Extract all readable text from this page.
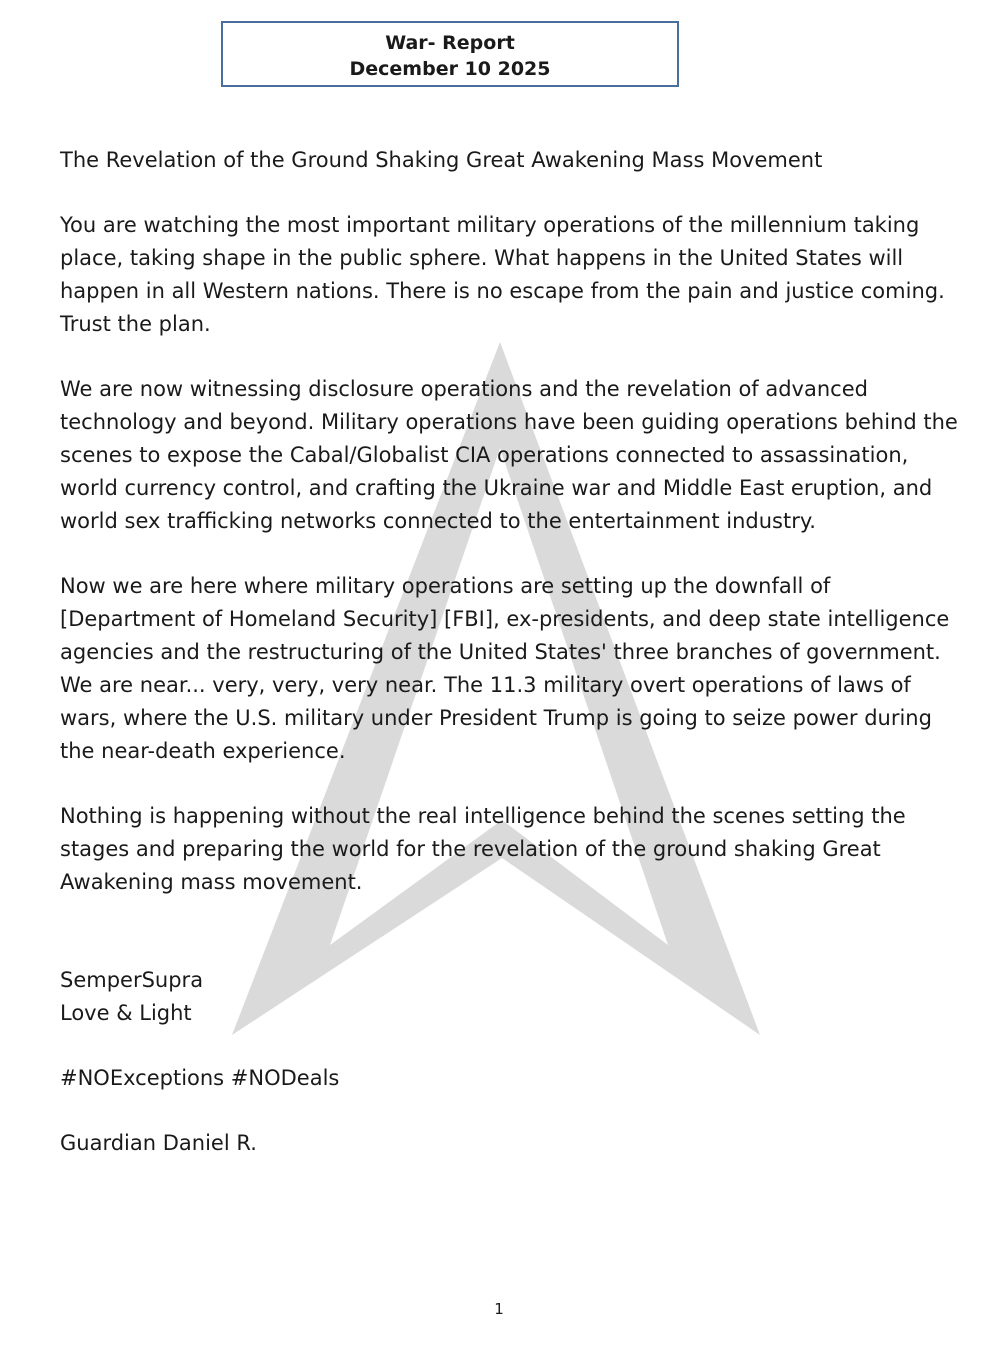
War- Report
December 10 2025

The Revelation of the Ground Shaking Great Awakening Mass Movement

You are watching the most important military operations of the millennium taking place, taking shape in the public sphere. What happens in the United States will happen in all Western nations. There is no escape from the pain and justice coming. Trust the plan.

We are now witnessing disclosure operations and the revelation of advanced technology and beyond. Military operations have been guiding operations behind the scenes to expose the Cabal/Globalist CIA operations connected to assassination, world currency control, and crafting the Ukraine war and Middle East eruption, and world sex trafficking networks connected to the entertainment industry.

Now we are here where military operations are setting up the downfall of [Department of Homeland Security] [FBI], ex-presidents, and deep state intelligence agencies and the restructuring of the United States' three branches of government. We are near... very, very, very near. The 11.3 military overt operations of laws of wars, where the U.S. military under President Trump is going to seize power during the near-death experience.

Nothing is happening without the real intelligence behind the scenes setting the stages and preparing the world for the revelation of the ground shaking Great Awakening mass movement.

SemperSupra
Love & Light

#NOExceptions #NODeals

Guardian Daniel R.

1
